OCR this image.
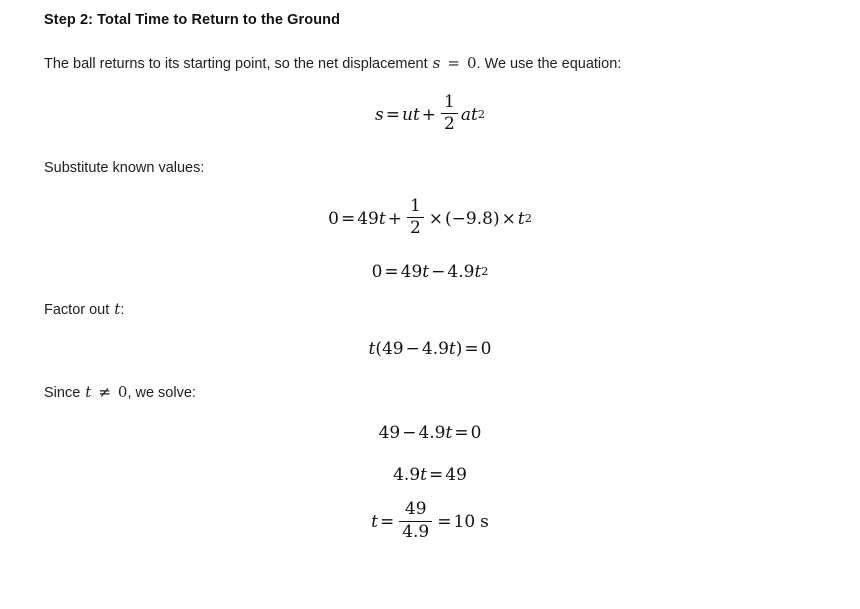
Step 2: Total Time to Return to the Ground

The ball returns to its starting point, so the net displacement s = 0. We use the equation:

s = u $t + \frac{1}{2}$ a t 2

Substitute known values:

0 = 49 $t + \frac{1}{2} \times (-9.8) \times t$ 2
0 = 49 t − 4.9 t 2

Factor out t:

t ( 49 − 4.9 t ) = 0

Since t ≠ 0, we solve:

49 − 4.9 t = 0
4.9 t = 49
$t = \frac{49}{4.9} = 10$ s
